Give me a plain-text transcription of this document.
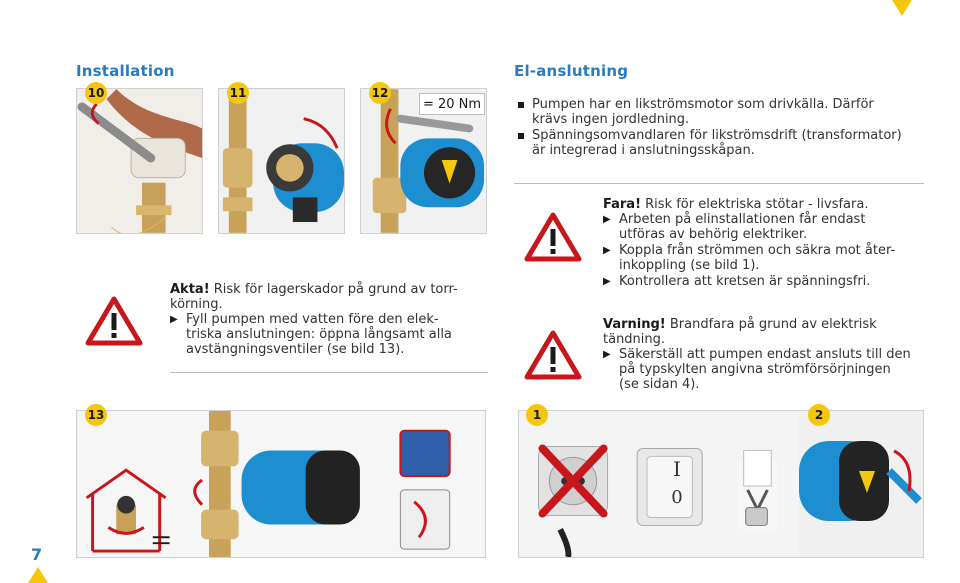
Installation
10	11	12
= 20 Nm
Akta! Risk för lagerskador på grund av torr-
körning.
▶ Fyll pumpen med vatten före den elek-
triska anslutningen: öppna långsamt alla
avstängningsventiler (se bild 13).
13
El-anslutning
Pumpen har en likströmsmotor som drivkälla. Därför
krävs ingen jordledning.
Spänningsomvandlaren för likströmsdrift (transformator)
är integrerad i anslutningsskåpan.
Fara! Risk för elektriska stötar - livsfara.
▶ Arbeten på elinstallationen får endast
utföras av behörig elektriker.
▶ Koppla från strömmen och säkra mot åter-
inkoppling (se bild 1).
▶ Kontrollera att kretsen är spänningsfri.
Varning! Brandfara på grund av elektrisk
tändning.
▶ Säkerställ att pumpen endast ansluts till den
på typskylten angivna strömförsörjningen
(se sidan 4).
1	2
I
0
7
